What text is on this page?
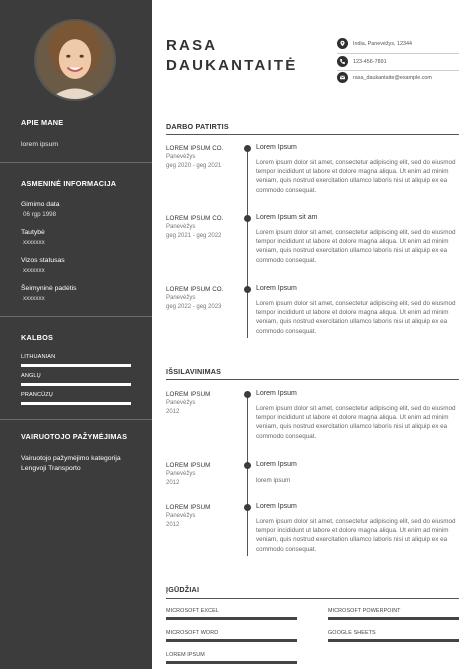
APIE MANE
lorem ipsum
ASMENINĖ INFORMACIJA
Gimimo data
06 rgp 1998
Tautybė
xxxxxxx
Vizos statusas
xxxxxxx
Šeimyninė padėtis
xxxxxxx
KALBOS
LITHUANIAN
ANGLŲ
PRANCŪZŲ
VAIRUOTOJO PAŽYMĖJIMAS
Vairuotojo pažymėjimo kategorija
Lengvoji Transporto
RASA
DAUKANTAITĖ
India, Panevėžys, 12344
123-456-7891
rasa_daukantaite@example.com
DARBO PATIRTIS
LOREM IPSUM CO.
Panevėžys
geg 2020 - geg 2021
Lorem Ipsum
Lorem ipsum dolor sit amet, consectetur adipiscing elit, sed do eiusmod tempor incididunt ut labore et dolore magna aliqua. Ut enim ad minim veniam, quis nostrud exercitation ullamco laboris nisi ut aliquip ex ea commodo consequat.
LOREM IPSUM CO.
Panevėžys
geg 2021 - geg 2022
Lorem Ipsum sit am
Lorem ipsum dolor sit amet, consectetur adipiscing elit, sed do eiusmod tempor incididunt ut labore et dolore magna aliqua. Ut enim ad minim veniam, quis nostrud exercitation ullamco laboris nisi ut aliquip ex ea commodo consequat.
LOREM IPSUM CO.
Panevėžys
geg 2022 - geg 2023
Lorem Ipsum
Lorem ipsum dolor sit amet, consectetur adipiscing elit, sed do eiusmod tempor incididunt ut labore et dolore magna aliqua. Ut enim ad minim veniam, quis nostrud exercitation ullamco laboris nisi ut aliquip ex ea commodo consequat.
IŠSILAVINIMAS
LOREM IPSUM
Panevėžys
2012
Lorem Ipsum
Lorem ipsum dolor sit amet, consectetur adipiscing elit, sed do eiusmod tempor incididunt ut labore et dolore magna aliqua. Ut enim ad minim veniam, quis nostrud exercitation ullamco laboris nisi ut aliquip ex ea commodo consequat.
LOREM IPSUM
Panevėžys
2012
Lorem Ipsum
lorem ipsum
LOREM IPSUM
Panevėžys
2012
Lorem Ipsum
Lorem ipsum dolor sit amet, consectetur adipiscing elit, sed do eiusmod tempor incididunt ut labore et dolore magna aliqua. Ut enim ad minim veniam, quis nostrud exercitation ullamco laboris nisi ut aliquip ex ea commodo consequat.
ĮGŪDŽIAI
MICROSOFT EXCEL	MICROSOFT POWERPOINT
MICROSOFT WORD	GOOGLE SHEETS
LOREM IPSUM
